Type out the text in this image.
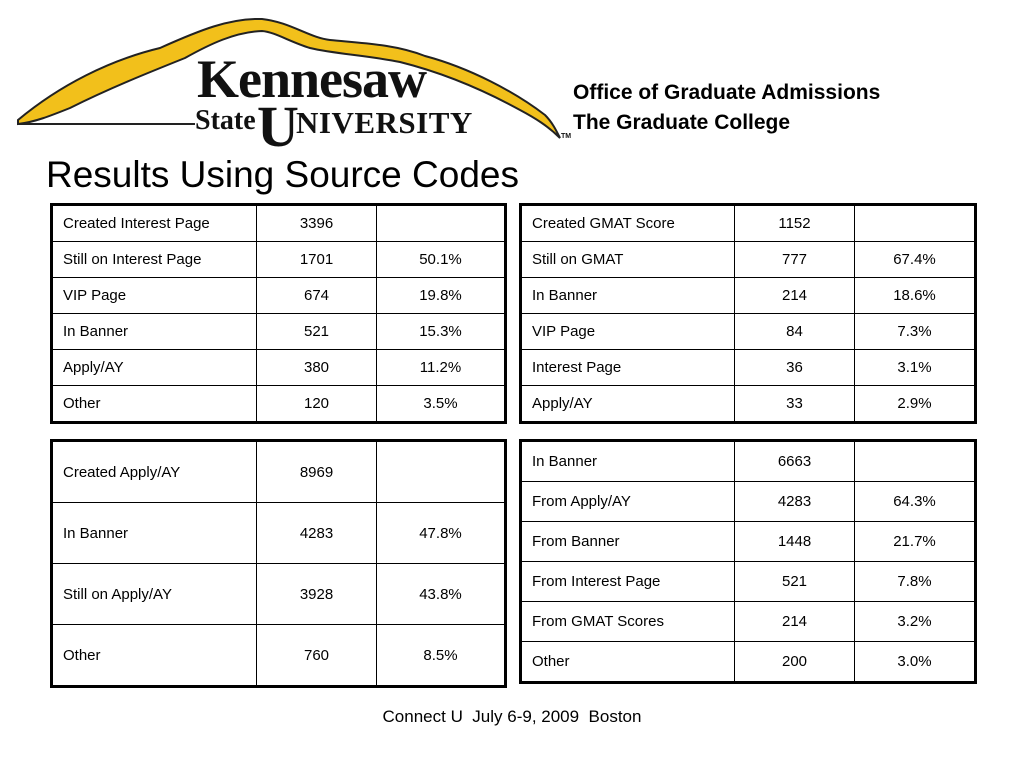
Kennesaw
State U
NIVERSITY	TM
Office of Graduate Admissions
The Graduate College
Results Using Source Codes
Created Interest Page	3396	
Still on Interest Page	1701	50.1%
VIP Page	674	19.8%
In Banner	521	15.3%
Apply/AY	380	11.2%
Other	120	3.5%
Created GMAT Score	1152	
Still on GMAT	777	67.4%
In Banner	214	18.6%
VIP Page	84	7.3%
Interest Page	36	3.1%
Apply/AY	33	2.9%
Created Apply/AY	8969	
In Banner	4283	47.8%
Still on Apply/AY	3928	43.8%
Other	760	8.5%
In Banner	6663	
From Apply/AY	4283	64.3%
From Banner	1448	21.7%
From Interest Page	521	7.8%
From GMAT Scores	214	3.2%
Other	200	3.0%
Connect U  July 6-9, 2009  Boston
